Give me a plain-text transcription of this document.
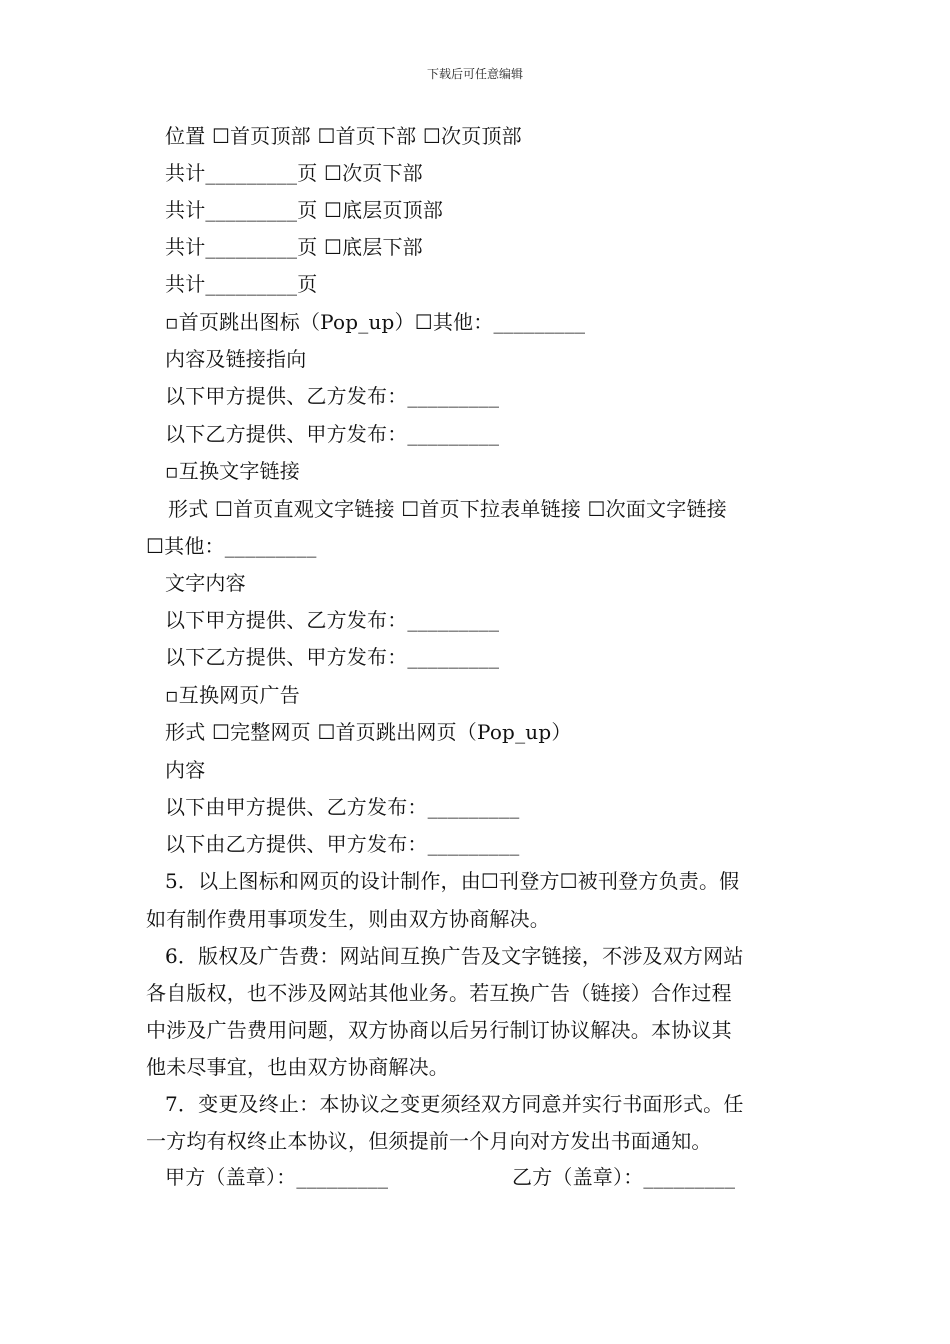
下载后可任意编辑
位置 ☐首页顶部 ☐首页下部 ☐次页顶部
共计_________页 ☐次页下部
共计_________页 ☐底层页顶部
共计_________页 ☐底层下部
共计_________页
▫首页跳出图标（Pop_up）☐其他：_________
内容及链接指向
以下甲方提供、乙方发布：_________
以下乙方提供、甲方发布：_________
▫互换文字链接
形式 ☐首页直观文字链接 ☐首页下拉表单链接 ☐次面文字链接
☐其他：_________
文字内容
以下甲方提供、乙方发布：_________
以下乙方提供、甲方发布：_________
▫互换网页广告
形式 ☐完整网页 ☐首页跳出网页（Pop_up）
内容
以下由甲方提供、乙方发布：_________
以下由乙方提供、甲方发布：_________
5．以上图标和网页的设计制作，由☐刊登方☐被刊登方负责。假
如有制作费用事项发生，则由双方协商解决。
6．版权及广告费：网站间互换广告及文字链接，不涉及双方网站
各自版权，也不涉及网站其他业务。若互换广告（链接）合作过程
中涉及广告费用问题，双方协商以后另行制订协议解决。本协议其
他未尽事宜，也由双方协商解决。
7．变更及终止：本协议之变更须经双方同意并实行书面形式。任
一方均有权终止本协议，但须提前一个月向对方发出书面通知。
甲方（盖章）：_________	乙方（盖章）：_________
